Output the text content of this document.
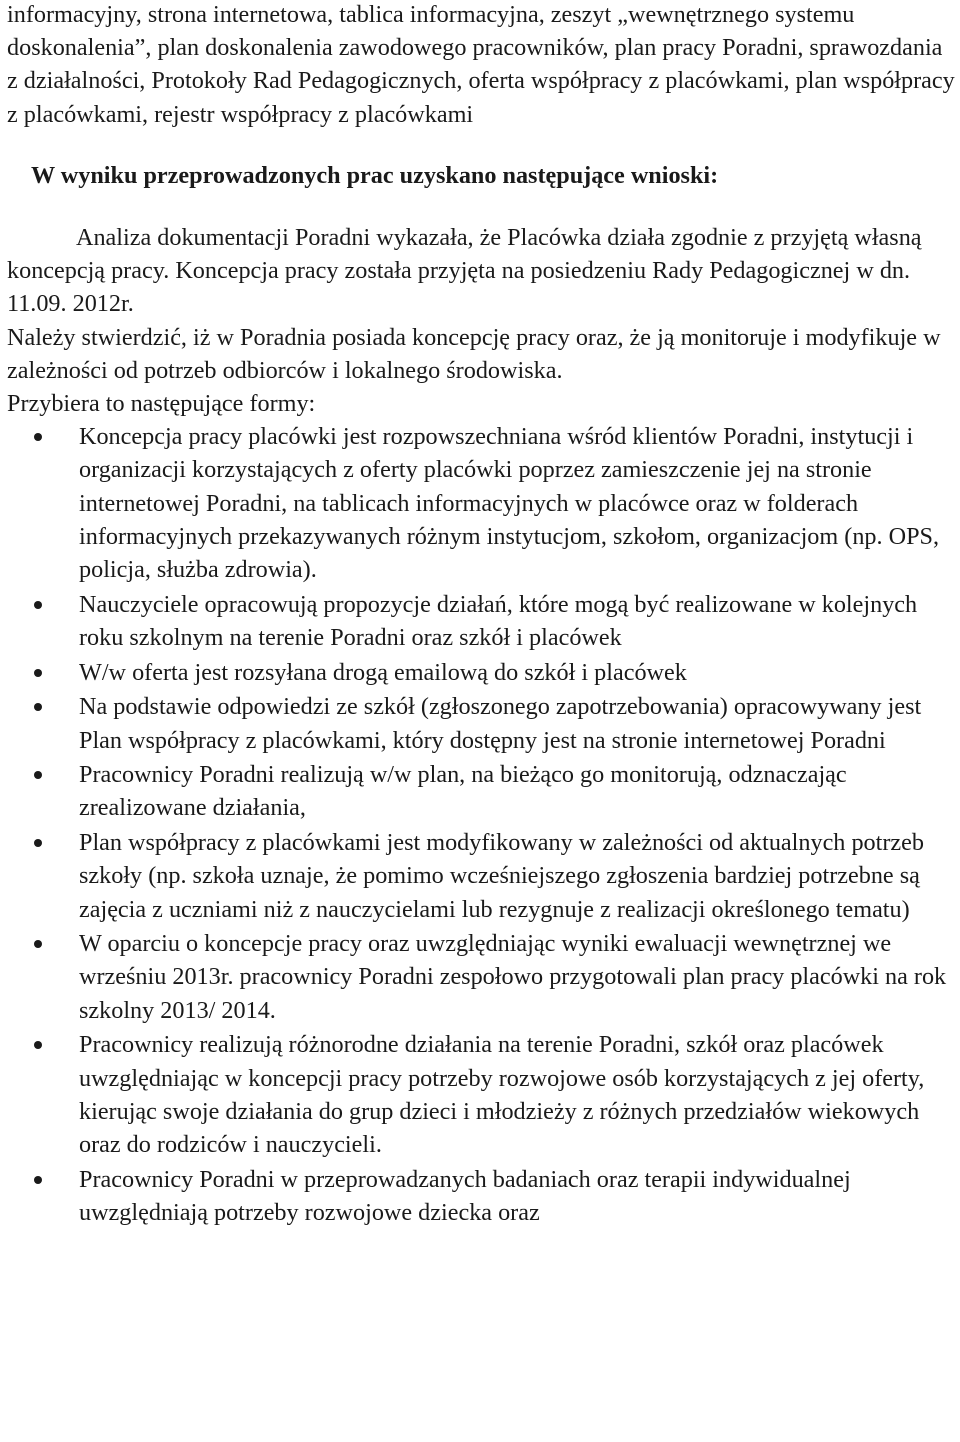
informacyjny, strona internetowa, tablica informacyjna, zeszyt „wewnętrznego systemu doskonalenia”, plan doskonalenia zawodowego pracowników, plan pracy Poradni, sprawozdania z działalności, Protokoły Rad Pedagogicznych, oferta współpracy z placówkami, plan współpracy z placówkami, rejestr współpracy z placówkami

W wyniku przeprowadzonych prac uzyskano następujące wnioski:

Analiza dokumentacji Poradni wykazała, że Placówka działa zgodnie z przyjętą własną koncepcją pracy. Koncepcja pracy została przyjęta na posiedzeniu Rady Pedagogicznej w dn. 11.09. 2012r.

Należy stwierdzić, iż w Poradnia posiada koncepcję pracy oraz, że ją monitoruje i modyfikuje w zależności od potrzeb odbiorców i lokalnego środowiska.

Przybiera to następujące formy:

Koncepcja pracy placówki jest rozpowszechniana wśród klientów Poradni, instytucji i organizacji korzystających z oferty placówki poprzez zamieszczenie jej na stronie internetowej Poradni, na tablicach informacyjnych w placówce oraz w folderach informacyjnych przekazywanych różnym instytucjom, szkołom, organizacjom (np. OPS, policja, służba zdrowia).
Nauczyciele opracowują propozycje działań, które mogą być realizowane w kolejnych roku szkolnym na terenie Poradni oraz szkół i placówek
W/w oferta jest rozsyłana drogą emailową do szkół i placówek
Na podstawie odpowiedzi ze szkół (zgłoszonego zapotrzebowania) opracowywany jest Plan współpracy z placówkami, który dostępny jest na stronie internetowej Poradni
Pracownicy Poradni realizują w/w plan, na bieżąco go monitorują, odznaczając zrealizowane działania,
Plan współpracy z placówkami jest modyfikowany w zależności od aktualnych potrzeb szkoły (np. szkoła uznaje, że pomimo wcześniejszego zgłoszenia bardziej potrzebne są zajęcia z uczniami niż z nauczycielami lub rezygnuje z realizacji określonego tematu)
W oparciu o koncepcje pracy oraz uwzględniając wyniki ewaluacji wewnętrznej we wrześniu 2013r. pracownicy Poradni zespołowo przygotowali plan pracy placówki na rok szkolny 2013/ 2014.
Pracownicy realizują różnorodne działania na terenie Poradni, szkół oraz placówek uwzględniając w koncepcji pracy potrzeby rozwojowe osób korzystających z jej oferty, kierując swoje działania do grup dzieci i młodzieży z różnych przedziałów wiekowych oraz do rodziców i nauczycieli.
Pracownicy Poradni w przeprowadzanych badaniach oraz terapii indywidualnej uwzględniają potrzeby rozwojowe dziecka oraz
